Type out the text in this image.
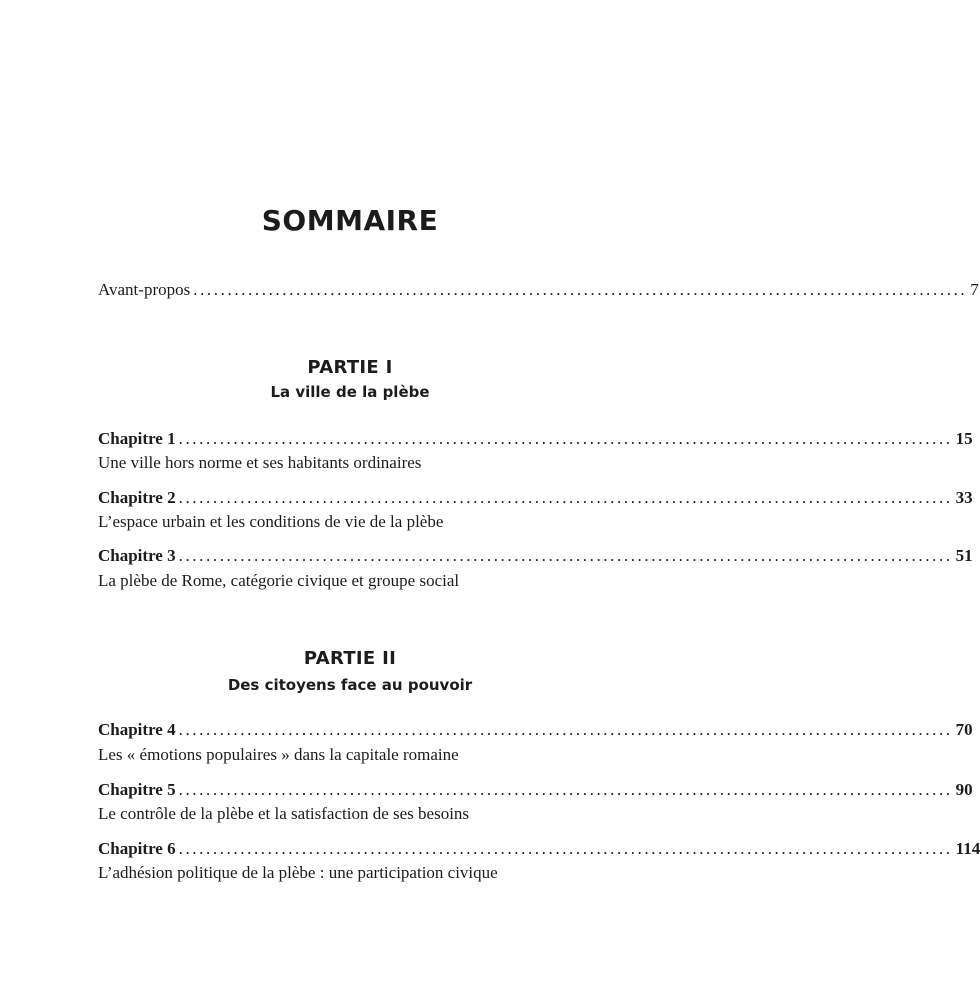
SOMMAIRE
Avant-propos ................................................................................................................. 7
PARTIE I
La ville de la plèbe
Chapitre 1 ................................................................................................................. 15
Une ville hors norme et ses habitants ordinaires
Chapitre 2 ................................................................................................................. 33
L’espace urbain et les conditions de vie de la plèbe
Chapitre 3 ................................................................................................................. 51
La plèbe de Rome, catégorie civique et groupe social
PARTIE II
Des citoyens face au pouvoir
Chapitre 4 ................................................................................................................. 70
Les « émotions populaires » dans la capitale romaine
Chapitre 5 ................................................................................................................. 90
Le contrôle de la plèbe et la satisfaction de ses besoins
Chapitre 6 ................................................................................................................. 114
L’adhésion politique de la plèbe : une participation civique
